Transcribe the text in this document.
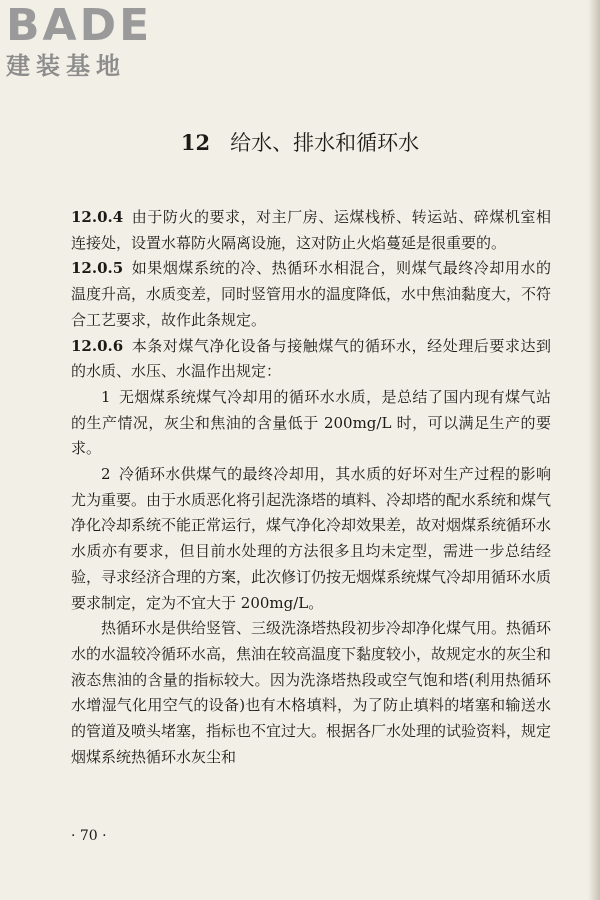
BADE
建装基地
12 给水、排水和循环水

12.0.4 由于防火的要求，对主厂房、运煤栈桥、转运站、碎煤机室相连接处，设置水幕防火隔离设施，这对防止火焰蔓延是很重要的。

12.0.5 如果烟煤系统的冷、热循环水相混合，则煤气最终冷却用水的温度升高，水质变差，同时竖管用水的温度降低，水中焦油黏度大，不符合工艺要求，故作此条规定。

12.0.6 本条对煤气净化设备与接触煤气的循环水，经处理后要求达到的水质、水压、水温作出规定：

1 无烟煤系统煤气冷却用的循环水水质，是总结了国内现有煤气站的生产情况，灰尘和焦油的含量低于 200mg/L 时，可以满足生产的要求。

2 冷循环水供煤气的最终冷却用，其水质的好坏对生产过程的影响尤为重要。由于水质恶化将引起洗涤塔的填料、冷却塔的配水系统和煤气净化冷却系统不能正常运行，煤气净化冷却效果差，故对烟煤系统循环水水质亦有要求，但目前水处理的方法很多且均未定型，需进一步总结经验，寻求经济合理的方案，此次修订仍按无烟煤系统煤气冷却用循环水质要求制定，定为不宜大于 200mg/L。

热循环水是供给竖管、三级洗涤塔热段初步冷却净化煤气用。热循环水的水温较冷循环水高，焦油在较高温度下黏度较小，故规定水的灰尘和液态焦油的含量的指标较大。因为洗涤塔热段或空气饱和塔(利用热循环水增湿气化用空气的设备)也有木格填料，为了防止填料的堵塞和输送水的管道及喷头堵塞，指标也不宜过大。根据各厂水处理的试验资料，规定烟煤系统热循环水灰尘和

· 70 ·
